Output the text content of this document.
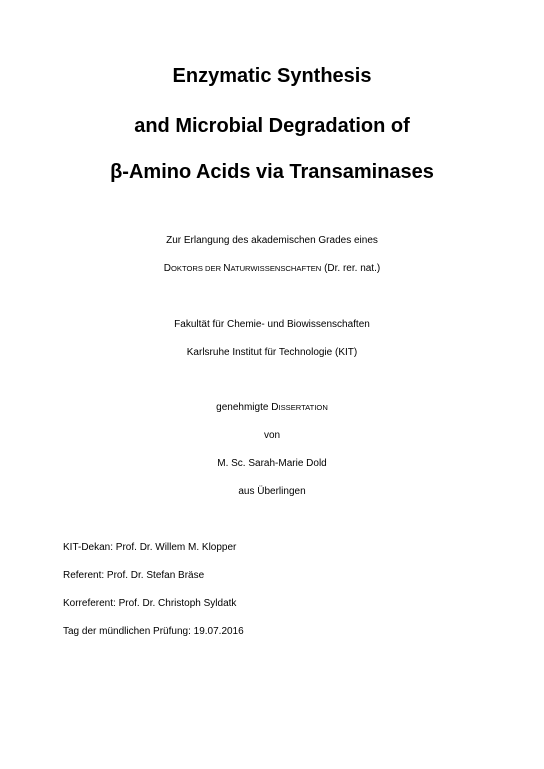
Enzymatic Synthesis
and Microbial Degradation of
β-Amino Acids via Transaminases
Zur Erlangung des akademischen Grades eines
DOKTORS DER NATURWISSENSCHAFTEN (Dr. rer. nat.)
Fakultät für Chemie- und Biowissenschaften
Karlsruhe Institut für Technologie (KIT)
genehmigte DISSERTATION
von
M. Sc. Sarah-Marie Dold
aus Überlingen
KIT-Dekan: Prof. Dr. Willem M. Klopper
Referent: Prof. Dr. Stefan Bräse
Korreferent: Prof. Dr. Christoph Syldatk
Tag der mündlichen Prüfung: 19.07.2016
